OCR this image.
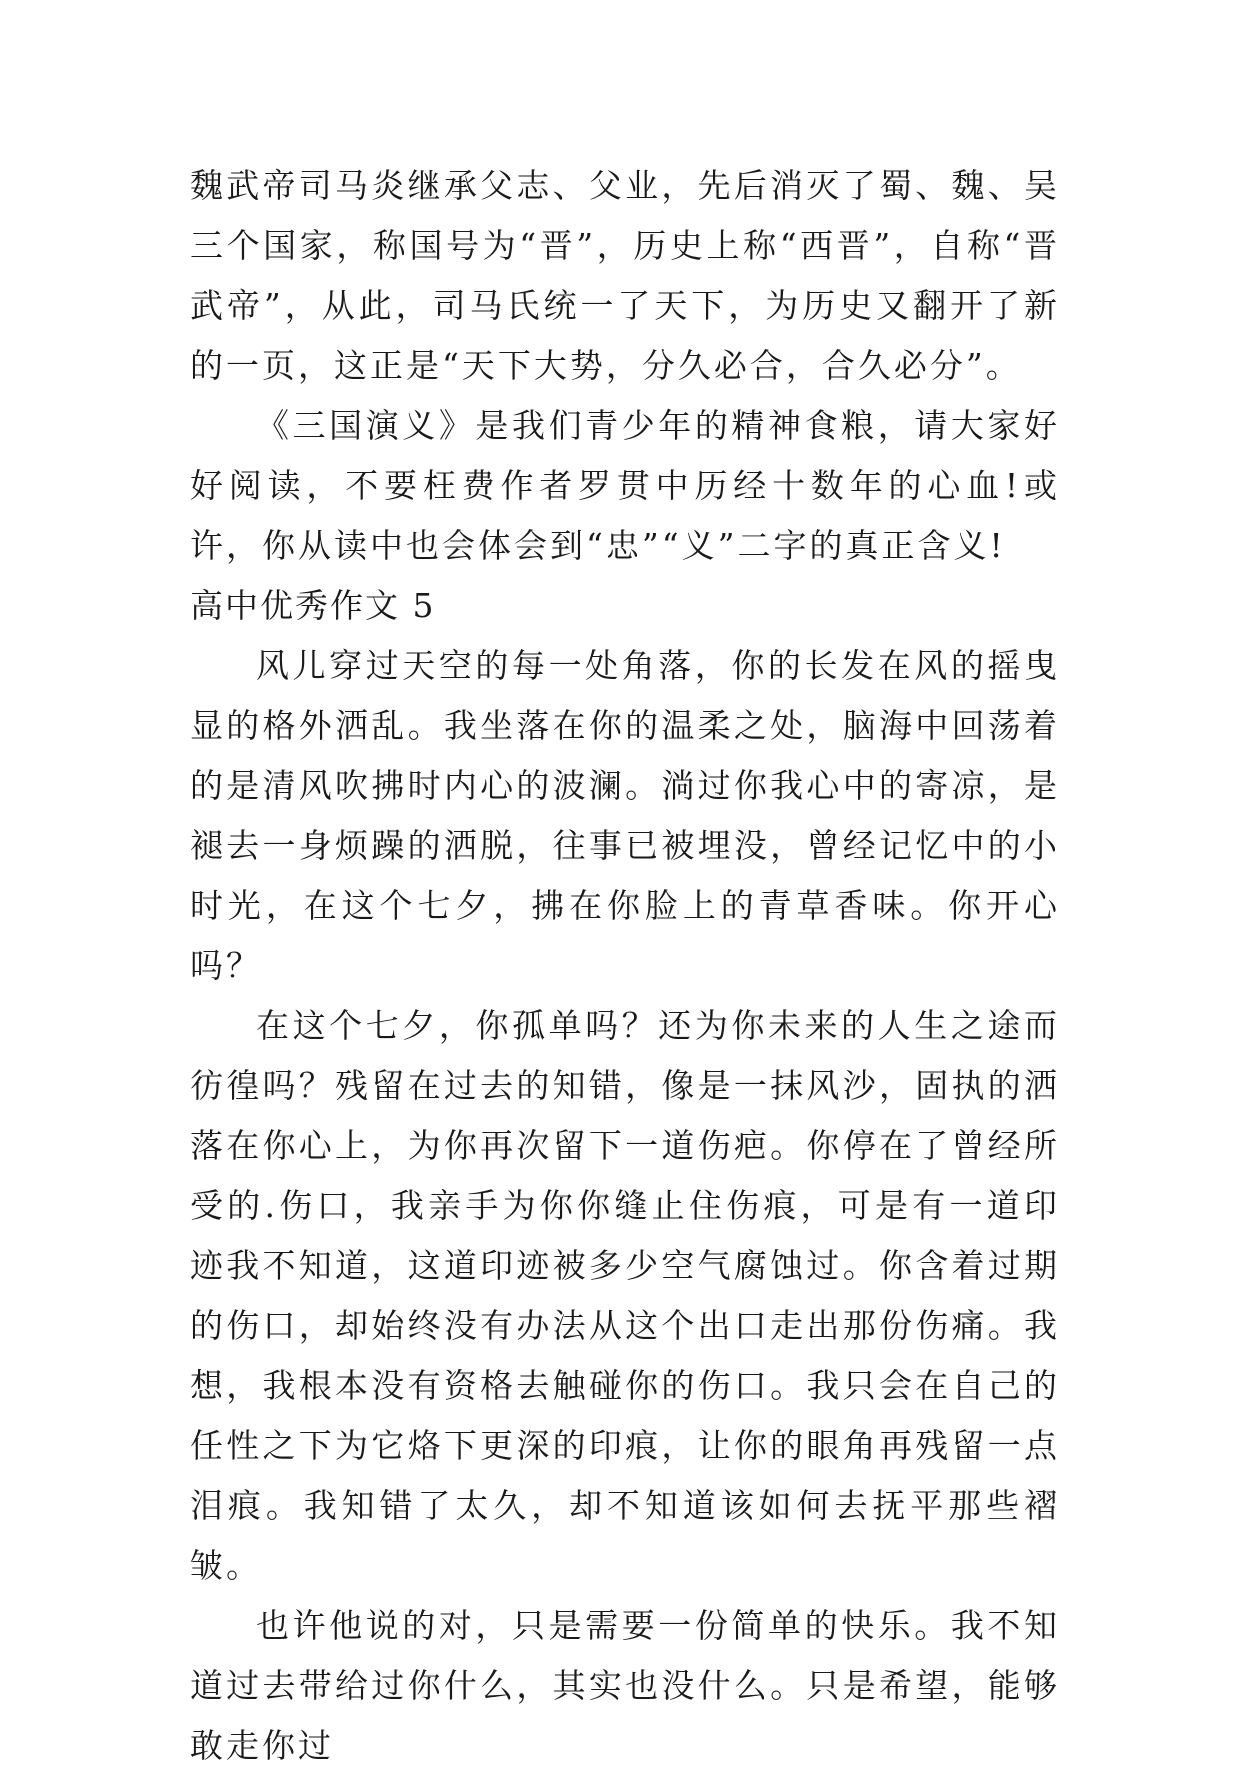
魏武帝司马炎继承父志、父业，先后消灭了蜀、魏、吴三个国家，称国号为“晋”，历史上称“西晋”，自称“晋武帝”，从此，司马氏统一了天下，为历史又翻开了新的一页，这正是“天下大势，分久必合，合久必分”。

《三国演义》是我们青少年的精神食粮，请大家好好阅读，不要枉费作者罗贯中历经十数年的心血!或许，你从读中也会体会到“忠”“义”二字的真正含义!

高中优秀作文 5

风儿穿过天空的每一处角落，你的长发在风的摇曳显的格外洒乱。我坐落在你的温柔之处，脑海中回荡着的是清风吹拂时内心的波澜。淌过你我心中的寄凉，是褪去一身烦躁的洒脱，往事已被埋没，曾经记忆中的小时光，在这个七夕，拂在你脸上的青草香味。你开心吗？

在这个七夕，你孤单吗？还为你未来的人生之途而彷徨吗？残留在过去的知错，像是一抹风沙，固执的洒落在你心上，为你再次留下一道伤疤。你停在了曾经所受的.伤口，我亲手为你你缝止住伤痕，可是有一道印迹我不知道，这道印迹被多少空气腐蚀过。你含着过期的伤口，却始终没有办法从这个出口走出那份伤痛。我想，我根本没有资格去触碰你的伤口。我只会在自己的任性之下为它烙下更深的印痕，让你的眼角再残留一点泪痕。我知错了太久，却不知道该如何去抚平那些褶皱。

也许他说的对，只是需要一份简单的快乐。我不知道过去带给过你什么，其实也没什么。只是希望，能够敢走你过
